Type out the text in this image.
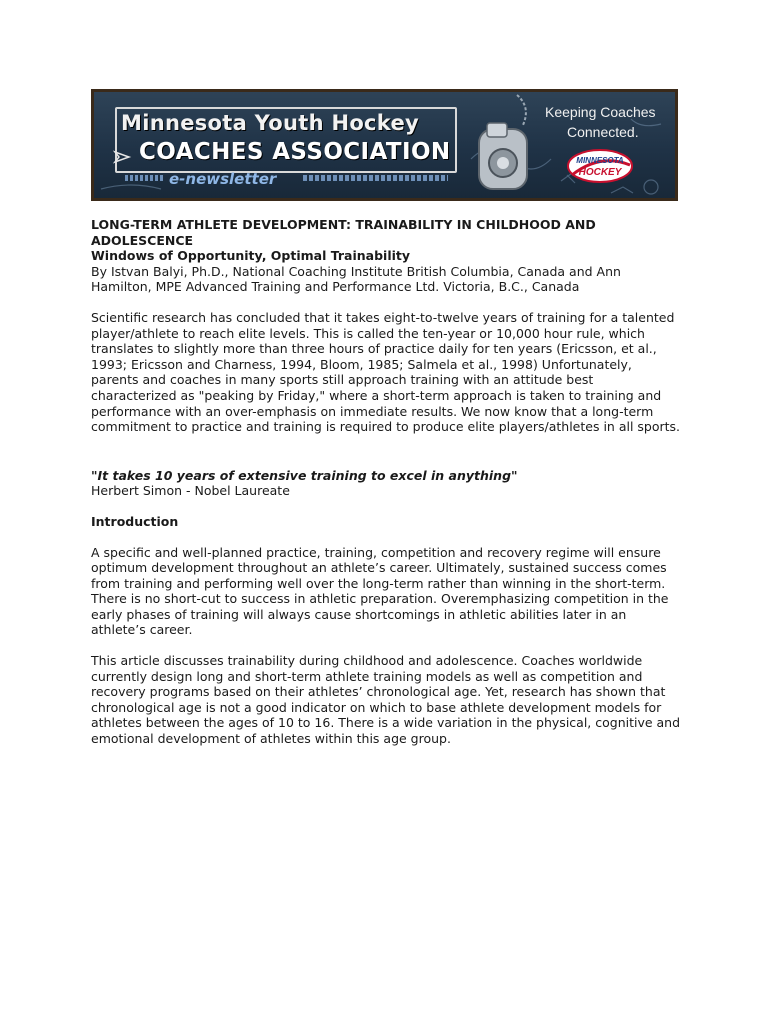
Minnesota Youth Hockey
COACHES ASSOCIATION
e-newsletter
Keeping Coaches
Connected.
MINNESOTA
HOCKEY

LONG-TERM ATHLETE DEVELOPMENT: TRAINABILITY IN CHILDHOOD AND ADOLESCENCE

Windows of Opportunity, Optimal Trainability

By Istvan Balyi, Ph.D., National Coaching Institute British Columbia, Canada and Ann Hamilton, MPE Advanced Training and Performance Ltd. Victoria, B.C., Canada

Scientific research has concluded that it takes eight-to-twelve years of training for a talented player/athlete to reach elite levels. This is called the ten-year or 10,000 hour rule, which translates to slightly more than three hours of practice daily for ten years (Ericsson, et al., 1993; Ericsson and Charness, 1994, Bloom, 1985; Salmela et al., 1998) Unfortunately, parents and coaches in many sports still approach training with an attitude best characterized as "peaking by Friday," where a short-term approach is taken to training and performance with an over-emphasis on immediate results. We now know that a long-term commitment to practice and training is required to produce elite players/athletes in all sports.

"It takes 10 years of extensive training to excel in anything"

Herbert Simon - Nobel Laureate

Introduction

A specific and well-planned practice, training, competition and recovery regime will ensure optimum development throughout an athlete’s career. Ultimately, sustained success comes from training and performing well over the long-term rather than winning in the short-term. There is no short-cut to success in athletic preparation. Overemphasizing competition in the early phases of training will always cause shortcomings in athletic abilities later in an athlete’s career.

This article discusses trainability during childhood and adolescence. Coaches worldwide currently design long and short-term athlete training models as well as competition and recovery programs based on their athletes’ chronological age. Yet, research has shown that chronological age is not a good indicator on which to base athlete development models for athletes between the ages of 10 to 16. There is a wide variation in the physical, cognitive and emotional development of athletes within this age group.
